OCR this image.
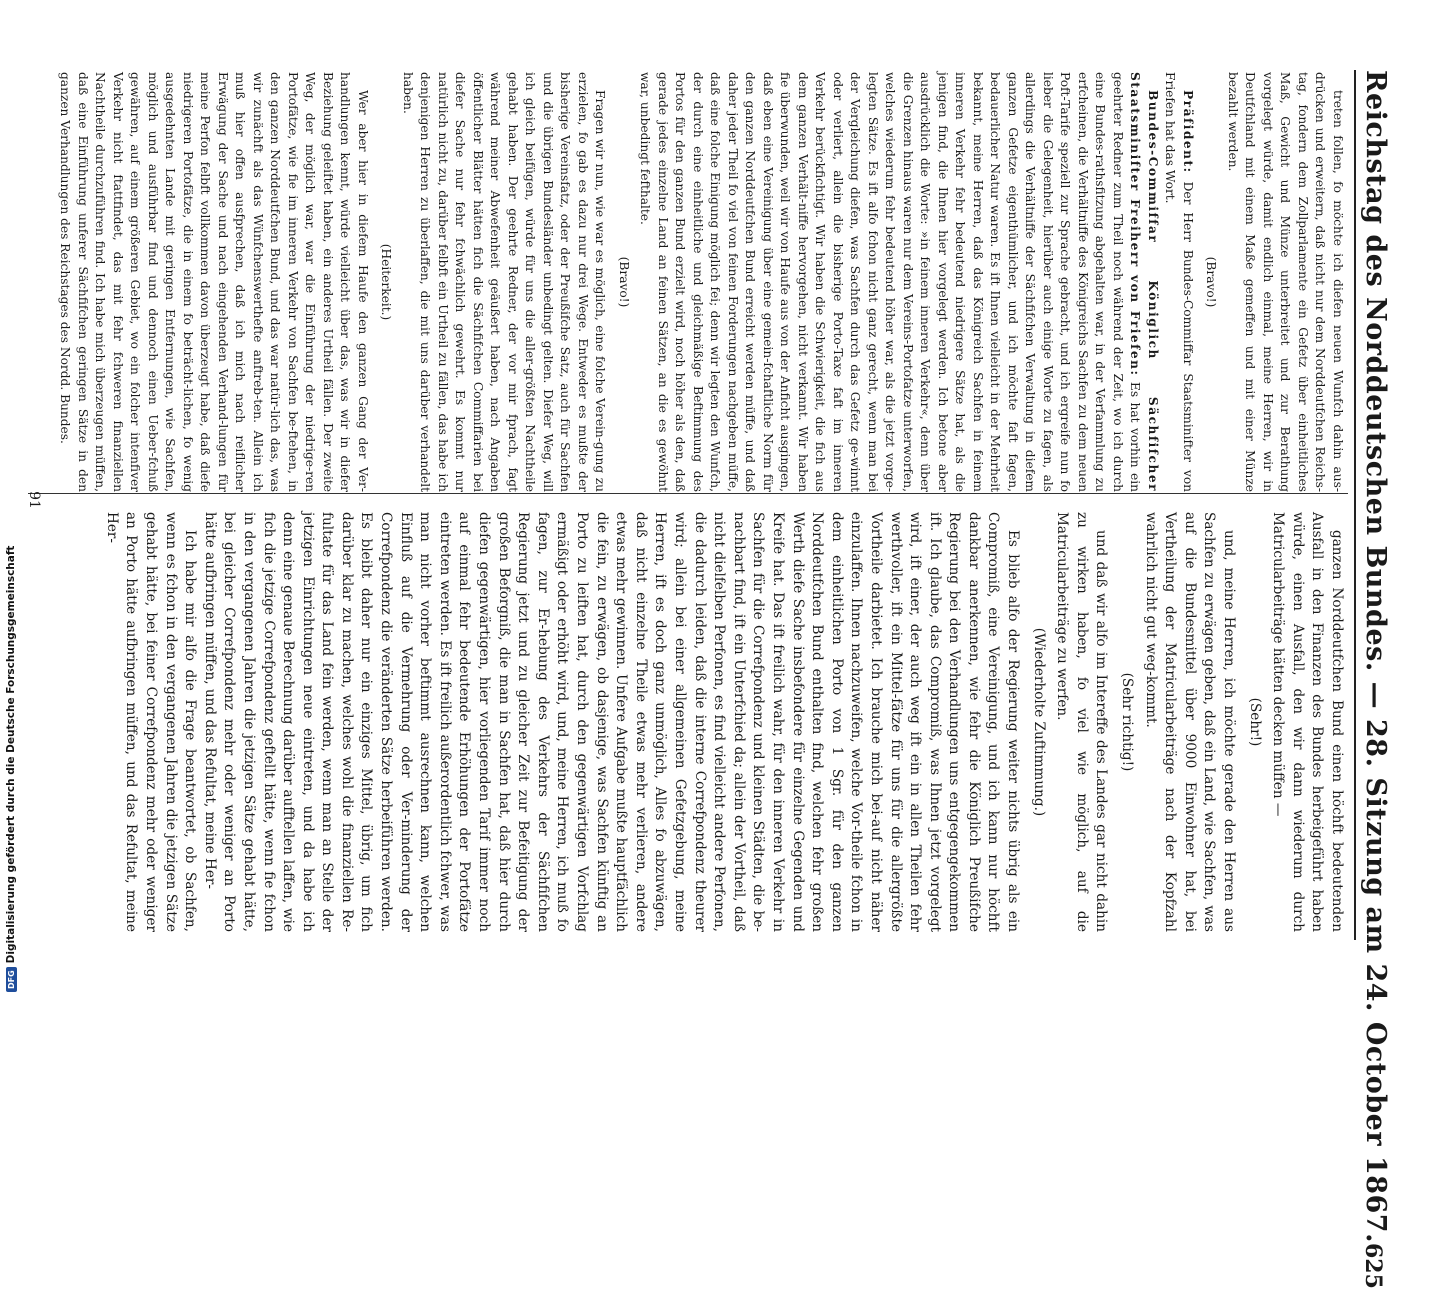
Reichstag des Norddeutschen Bundes. — 28. Sitzung am 24. October 1867.
625

treten follen, fo möchte ich diefen neuen Wunfch dahin aus-drücken und erweitern, daß nicht nur dem Norddeutfchen Reichs-tag, fondern dem Zollparlamente ein Gefetz über einheitliches Maß, Gewicht und Münze unterbreitet und zur Berathung vorgelegt würde, damit endlich einmal, meine Herren, wir in Deutfchland mit einem Maße gemeffen und mit einer Münze bezahlt werden.

(Bravo!)

Präfident: Der Herr Bundes-Commiffar Staatsminifter von Friefen hat das Wort.

Bundes-Commiffar Königlich Sächfifcher Staatsminifter Freiherr von Friefen: Es hat vorhin ein geehrter Redner zum Theil noch während der Zeit, wo ich durch eine Bundes-rathsfitzung abgehalten war, in der Verfammlung zu erfcheinen, die Verhältniffe des Königreichs Sachfen zu dem neuen Poft-Tarife speziell zur Sprache gebracht, und ich ergreife nun fo lieber die Gelegenheit, hierüber auch einige Worte zu fagen, als allerdings die Verhältniffe der Sächfifchen Verwaltung in diefem ganzen Gefetze eigenthümlicher, und ich möchte faft fagen, bedauerlicher Natur waren. Es ift Ihnen vielleicht in der Mehrheit bekannt, meine Herren, daß das Königreich Sachfen in feinem inneren Verkehr fehr bedeutend niedrigere Sätze hat, als die jenigen find, die Ihnen hier vorgelegt werden. Ich betone aber ausdrücklich die Worte: »in feinem inneren Verkehr«, denn über die Grenzen hinaus waren nur dem Vereins-Portofatze unterworfen, welches wiederum fehr bedeutend höher war, als die jetzt vorge-legten Sätze. Es ift alfo fchon nicht ganz gerecht, wenn man bei der Vergleichung diefen, was Sachfen durch das Gefetz ge-winnt oder verliert, allein die bisherige Porto-Taxe faft im inneren Verkehr berückfichtigt. Wir haben die Schwierigkeit, die fich aus dem ganzen Verhält-niffe hervorgehen, nicht verkannt. Wir haben fie überwunden, weil wir von Haufe aus von der Anficht ausgingen, daß eben eine Vereinigung über eine gemein-fchaftliche Norm für den ganzen Norddeutfchen Bund erreicht werden müffe, und daß daher jeder Theil fo viel von feinen Forderungen nachgeben müffe, daß eine folche Einigung möglich fei; denn wir legten den Wunfch, der durch eine einheitliche und gleichmäßige Beftimmung des Portos für den ganzen Bund erzielt wird, noch höher als den, daß gerade jedes einzelne Land an feinen Sätzen, an die es gewöhnt war, unbedingt fefthalte.

(Bravo!)

Fragen wir nun, wie war es möglich, eine folche Verein-gung zu erzielen, fo gab es dazu nur drei Wege. Entweder es mußte der bisherige Vereinsfatz, oder der Preußifche Satz, auch für Sachfen und die übrigen Bundesländer unbedingt gelten. Diefer Weg, will ich gleich beifügen, würde für uns die aller-größten Nachtheile gehabt haben. Der geehrte Redner, der vor mir fprach, fagt während meiner Abwefenheit geäußert haben, nach Angaben öffentlicher Blätter hätten fich die Sächfifchen Commiffarien bei diefer Sache nur fehr fchwächlich gewehrt. Es kommt nur natürlich nicht zu, darüber felbft ein Urtheil zu fällen, das habe ich denjenigen Herren zu überlaffen, die mit uns darüber verhandelt haben.

(Heiterkeit.)

Wer aber hier in diefem Haufe den ganzen Gang der Ver-handlungen kennt, würde vielleicht über das, was wir in diefer Beziehung geleiftet haben, ein anderes Urtheil fällen. Der zweite Weg, der möglich war, war die Einführung der niedrige-ren Portofätze, wie fie im inneren Verkehr von Sachfen be-ftehen, in den ganzen Norddeutfchen Bund, und das war natür-lich das, was wir zunächft als das Wünfchenswerthefte anftreb-ten. Allein ich muß hier offen ausfprechen, daß ich mich nach reiflicher Erwägung der Sache und nach eingehenden Verhand-lungen für meine Perfon felbft vollkommen davon überzeugt habe, daß diefe niedrigeren Portofätze, die in einem fo beträcht-lichen, fo wenig ausgedehnten Lande mit geringen Entfernungen, wie Sachfen, möglich und ausführbar find und dennoch einen Ueber-fchuß gewähren, auf einem größeren Gebiet, wo ein folcher intenfiver Verkehr nicht ftattfindet, das mit fehr fchweren finanziellen Nachtheile durchzuführen find. Ich habe mich überzeugen müffen, daß eine Einführung unferer Sächfifchen geringen Sätze in den ganzen Verhandlungen des Reichstages des Nordd. Bundes.

ganzen Norddeutfchen Bund einen höchft bedeutenden Ausfall in den Finanzen des Bundes herbeigeführt haben würde, einen Ausfall, den wir dann wiederum durch Matricularbeiträge hätten decken müffen —

(Sehr!)

und, meine Herren, ich möchte gerade den Herren aus Sachfen zu erwägen geben, daß ein Land, wie Sachfen, was auf die Bundesmittel über 9000 Einwohner hat, bei Vertheilung der Matricularbeiträge nach der Kopfzahl wahrlich nicht gut weg-kommt.

(Sehr richtig!)

und daß wir alfo im Intereffe des Landes gar nicht dahin zu wirken haben, fo viel wie möglich, auf die Matricularbeiträge zu werfen.

(Wiederholte Zuftimmung.)

Es blieb alfo der Regierung weiter nichts übrig als ein Compromiß, eine Vereinigung, und ich kann nur höchft dankbar anerkennen, wie fehr die Königlich Preußifche Regierung bei den Verhandlungen uns entgegengekommen ift. Ich glaube, das Compromiß, was Ihnen jetzt vorgelegt wird, ift einer, der auch weg ift ein in allen Theilen fehr werthvoller, ift ein Mittel-fätze für uns für die allergrößte Vortheile darbietet. Ich brauche mich bei-auf nicht näher einzulaffen. Ihnen nachzuweifen, welche Vor-theile fchon in dem einheitlichen Porto von 1 Sgr. für den ganzen Norddeutfchen Bund enthalten find, welchen fehr großen Werth diefe Sache insbefondere für einzelne Gegenden und Kreife hat. Das ift freilich wahr, für den inneren Verkehr in Sachfen für die Correfpondenz und kleinen Städten, die be-nachbart find, ift ein Unterfchied da; allein der Vortheil, daß nicht dielfelben Perfonen, es find vielleicht andere Perfonen, die dadurch leiden, daß die interne Correfpondenz theurer wird; allein bei einer allgemeinen Gefetzgebung, meine Herren, ift es doch ganz unmöglich, Alles fo abzuwägen, daß nicht einzelne Theile etwas mehr verlieren, andere etwas mehr gewinnen. Unfere Aufgabe mußte hauptfächlich die fein, zu erwägen, ob dasjenige, was Sachfen künftig an Porto zu leiften hat, durch den gegenwärtigen Vorfchlag ermäßigt oder erhöht wird, und, meine Herren, ich muß fo fagen, zur Er-hebung des Verkehrs der Sächfifchen Regierung jetzt und zu gleicher Zeit zur Befeitigung der großen Beforgniß, die man in Sachfen hat, daß hier durch diefen gegenwärtigen, hier vorliegenden Tarif immer noch auf einmal fehr bedeutende Erhöhungen der Portofätze eintreten werden. Es ift freilich außerordentlich fchwer, was man nicht vorher beftimmt ausrechnen kann, welchen Einfluß auf die Vermehrung oder Ver-minderung der Correfpondenz die veränderten Sätze herbeiführen werden. Es bleibt daher nur ein einziges Mittel, übrig, um fich darüber klar zu machen, welches wohl die finanziellen Re-fultate für das Land fein werden, wenn man an Stelle der jetzigen Einrichtungen neue eintreten, und da habe ich denn eine genaue Berechnung darüber aufftellen laffen, wie fich die jetzige Correfpondenz geftellt hätte, wenn fie fchon in den vergangenen Jahren die jetzigen Sätze gehabt hätte, bei gleicher Correfpondenz mehr oder weniger an Porto hätte aufbringen müffen, und das Refultat, meine Her-

Ich habe mir alfo die Frage beantwortet, ob Sachfen, wenn es fchon in den vergangenen Jahren die jetzigen Sätze gehabt hätte, bei feiner Correfpondenz mehr oder weniger an Porto hätte aufbringen müffen, und das Refultat, meine Her-

91
DFG
Digitalisierung gefördert durch die Deutsche Forschungsgemeinschaft
